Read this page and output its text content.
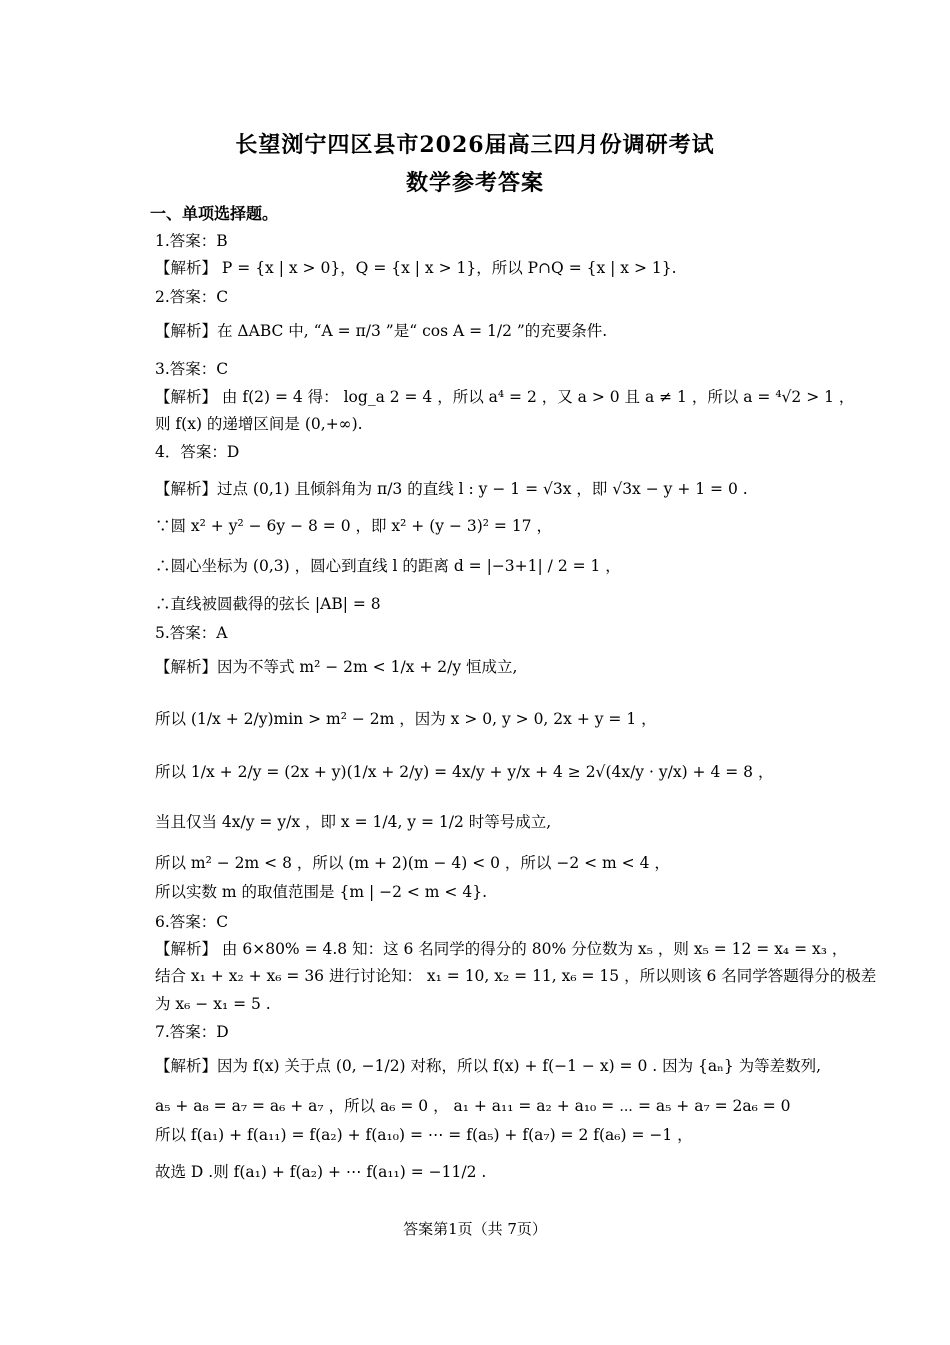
长望浏宁四区县市2026届高三四月份调研考试
数学参考答案
一、单项选择题。
1.答案：B
【解析】 P = {x | x > 0}，Q = {x | x > 1}，所以 P∩Q = {x | x > 1}.
2.答案：C
【解析】在 ΔABC 中, “A = π/3 ”是“ cos A = 1/2 ”的充要条件.
3.答案：C
【解析】 由 f(2) = 4 得： log_a 2 = 4 ，所以 a⁴ = 2 ，又 a > 0 且 a ≠ 1 ，所以 a = ⁴√2 > 1 ，
则 f(x) 的递增区间是 (0,+∞).
4．答案：D
【解析】过点 (0,1) 且倾斜角为 π/3 的直线 l : y − 1 = √3x ，即 √3x − y + 1 = 0 .
∵圆 x² + y² − 6y − 8 = 0 ，即 x² + (y − 3)² = 17 ，
∴圆心坐标为 (0,3) ，圆心到直线 l 的距离 d = |−3+1| / 2 = 1 ，
∴直线被圆截得的弦长 |AB| = 8
5.答案：A
【解析】因为不等式 m² − 2m < 1/x + 2/y 恒成立,
所以 (1/x + 2/y)min > m² − 2m ，因为 x > 0, y > 0, 2x + y = 1 ，
所以 1/x + 2/y = (2x + y)(1/x + 2/y) = 4x/y + y/x + 4 ≥ 2√(4x/y · y/x) + 4 = 8 ，
当且仅当 4x/y = y/x ，即 x = 1/4, y = 1/2 时等号成立,
所以 m² − 2m < 8 ，所以 (m + 2)(m − 4) < 0 ，所以 −2 < m < 4 ，
所以实数 m 的取值范围是 {m | −2 < m < 4}.
6.答案：C
【解析】 由 6×80% = 4.8 知：这 6 名同学的得分的 80% 分位数为 x₅ ，则 x₅ = 12 = x₄ = x₃ ，
结合 x₁ + x₂ + x₆ = 36 进行讨论知： x₁ = 10, x₂ = 11, x₆ = 15 ，所以则该 6 名同学答题得分的极差
为 x₆ − x₁ = 5 .
7.答案：D
【解析】因为 f(x) 关于点 (0, −1/2) 对称，所以 f(x) + f(−1 − x) = 0 . 因为 {aₙ} 为等差数列,
a₅ + a₈ = a₇ = a₆ + a₇ ，所以 a₆ = 0 ， a₁ + a₁₁ = a₂ + a₁₀ = ⋯ = a₅ + a₇ = 2a₆ = 0
所以 f(a₁) + f(a₁₁) = f(a₂) + f(a₁₀) = ⋯ = f(a₅) + f(a₇) = 2 f(a₆) = −1 ，
故选 D .则 f(a₁) + f(a₂) + ⋯ f(a₁₁) = −11/2 .
答案第1页（共 7页）
